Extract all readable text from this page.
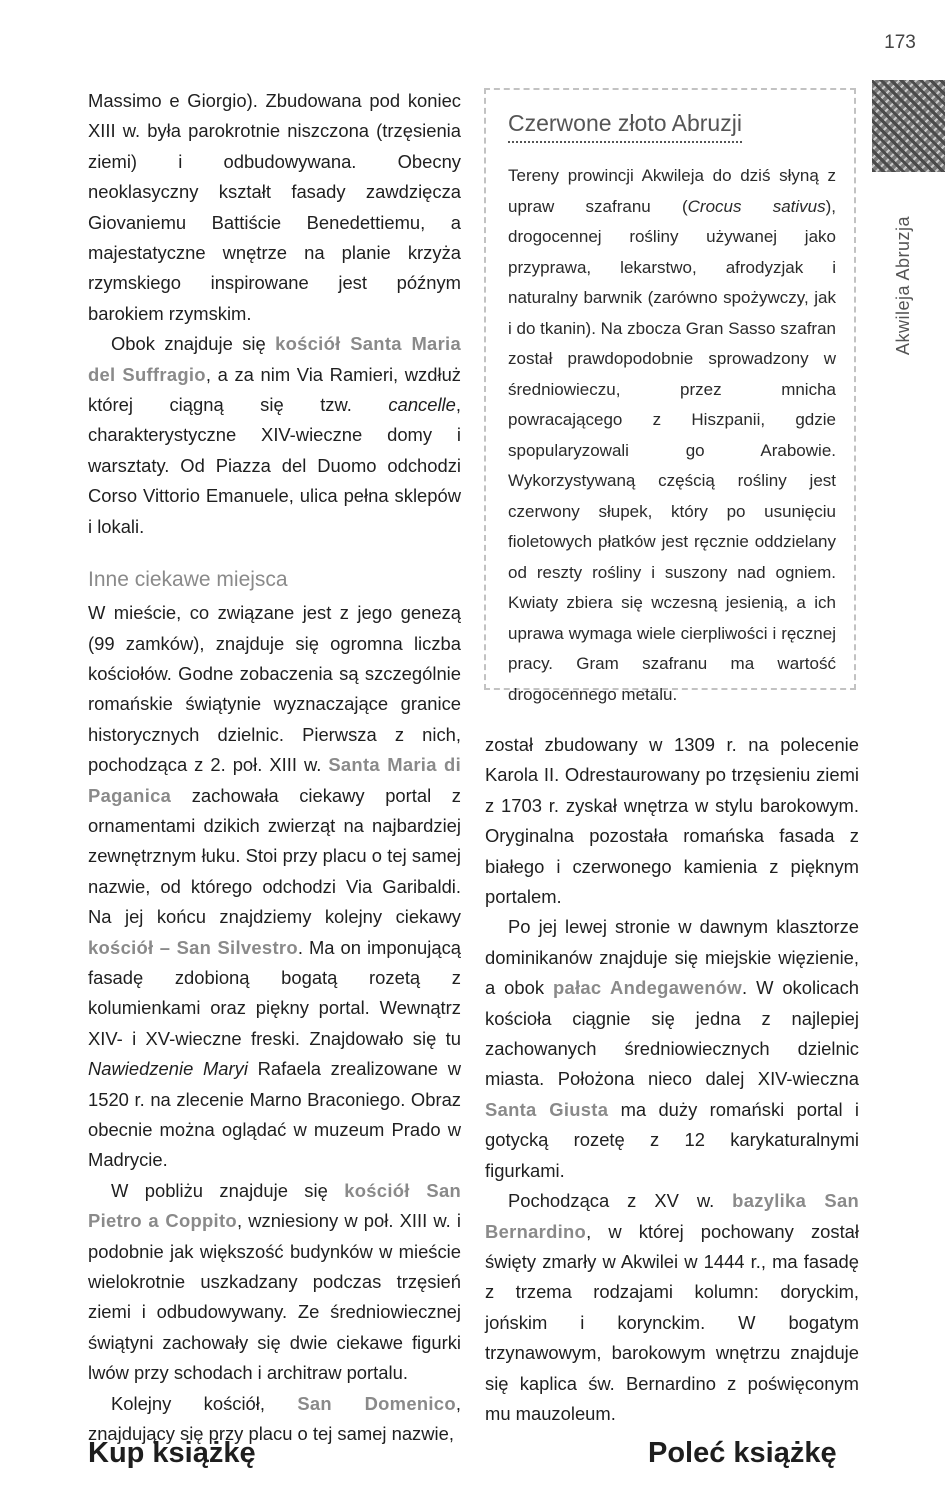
173
Akwileja Abruzja

Massimo e Giorgio). Zbudowana pod koniec XIII w. była parokrotnie niszczona (trzęsienia ziemi) i odbudowywana. Obecny neoklasyczny kształt fasady zawdzięcza Giovaniemu Battiście Benedettiemu, a majestatyczne wnętrze na planie krzyża rzymskiego inspirowane jest późnym barokiem rzymskim.

Obok znajduje się kościół Santa Maria del Suffragio, a za nim Via Ramieri, wzdłuż której ciągną się tzw. cancelle, charakterystyczne XIV-wieczne domy i warsztaty. Od Piazza del Duomo odchodzi Corso Vittorio Emanuele, ulica pełna sklepów i lokali.

Inne ciekawe miejsca

W mieście, co związane jest z jego genezą (99 zamków), znajduje się ogromna liczba kościołów. Godne zobaczenia są szczególnie romańskie świątynie wyznaczające granice historycznych dzielnic. Pierwsza z nich, pochodząca z 2. poł. XIII w. Santa Maria di Paganica zachowała ciekawy portal z ornamentami dzikich zwierząt na najbardziej zewnętrznym łuku. Stoi przy placu o tej samej nazwie, od którego odchodzi Via Garibaldi. Na jej końcu znajdziemy kolejny ciekawy kościół – San Silvestro. Ma on imponującą fasadę zdobioną bogatą rozetą z kolumienkami oraz piękny portal. Wewnątrz XIV- i XV-wieczne freski. Znajdowało się tu Nawiedzenie Maryi Rafaela zrealizowane w 1520 r. na zlecenie Marno Braconiego. Obraz obecnie można oglądać w muzeum Prado w Madrycie.

W pobliżu znajduje się kościół San Pietro a Coppito, wzniesiony w poł. XIII w. i podobnie jak większość budynków w mieście wielokrotnie uszkadzany podczas trzęsień ziemi i odbudowywany. Ze średniowiecznej świątyni zachowały się dwie ciekawe figurki lwów przy schodach i architraw portalu.

Kolejny kościół, San Domenico, znajdujący się przy placu o tej samej nazwie,

Czerwone złoto Abruzji

Tereny prowincji Akwileja do dziś słyną z upraw szafranu (Crocus sativus), drogocennej rośliny używanej jako przyprawa, lekarstwo, afrodyzjak i naturalny barwnik (zarówno spożywczy, jak i do tkanin). Na zbocza Gran Sasso szafran został prawdopodobnie sprowadzony w średniowieczu, przez mnicha powracającego z Hiszpanii, gdzie spopularyzowali go Arabowie. Wykorzystywaną częścią rośliny jest czerwony słupek, który po usunięciu fioletowych płatków jest ręcznie oddzielany od reszty rośliny i suszony nad ogniem. Kwiaty zbiera się wczesną jesienią, a ich uprawa wymaga wiele cierpliwości i ręcznej pracy. Gram szafranu ma wartość drogocennego metalu.

został zbudowany w 1309 r. na polecenie Karola II. Odrestaurowany po trzęsieniu ziemi z 1703 r. zyskał wnętrza w stylu barokowym. Oryginalna pozostała romańska fasada z białego i czerwonego kamienia z pięknym portalem.

Po jej lewej stronie w dawnym klasztorze dominikanów znajduje się miejskie więzienie, a obok pałac Andegawenów. W okolicach kościoła ciągnie się jedna z najlepiej zachowanych średniowiecznych dzielnic miasta. Położona nieco dalej XIV-wieczna Santa Giusta ma duży romański portal i gotycką rozetę z 12 karykaturalnymi figurkami.

Pochodząca z XV w. bazylika San Bernardino, w której pochowany został święty zmarły w Akwilei w 1444 r., ma fasadę z trzema rodzajami kolumn: doryckim, jońskim i korynckim. W bogatym trzynawowym, barokowym wnętrzu znajduje się kaplica św. Bernardino z poświęconym mu mauzoleum.

Kup książkę	Poleć książkę
